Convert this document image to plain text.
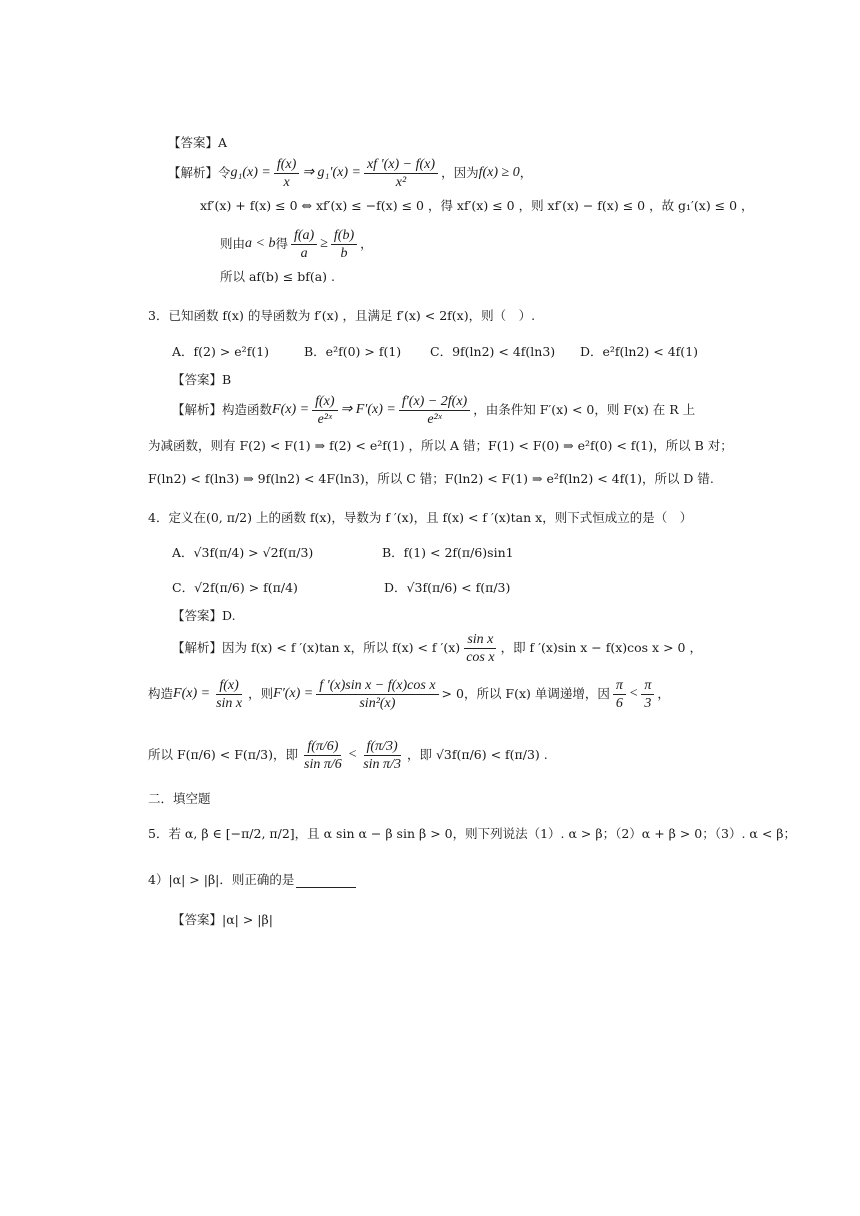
【答案】A
【解析】令 $g_1(x) = \frac{f(x)}{x}$ ⇒ $g_1'(x) = \frac{xf '(x) - f(x)}{\text{x²}}$ ，因为 f(x) ≥ 0 ，
xf′(x) + f(x) ≤ 0 ⇔ xf′(x) ≤ −f(x) ≤ 0 ，得 xf′(x) ≤ 0 ，则 xf′(x) − f(x) ≤ 0 ，故 g₁′(x) ≤ 0 ，
则由 a < b 得 $\frac{f(a)}{a} \ge \frac{f(b)}{b}$ ，
所以 af(b) ≤ bf(a) .
3．已知函数 f(x) 的导函数为 f′(x) ，且满足 f′(x) < 2f(x)，则（　）.
A．f(2) > e²f(1)	B．e²f(0) > f(1)	C．9f(ln2) < 4f(ln3)	D．e²f(ln2) < 4f(1)
【答案】B
【解析】构造函数 $F(x) = \frac{f(x)}{\text{e²ˣ}}$ ⇒ $F'(x) = \frac{f'(x) - 2f(x)}{\text{e²ˣ}}$ ，由条件知 F′(x) < 0，则 F(x) 在 R 上
为减函数，则有 F(2) < F(1) ⇒ f(2) < e²f(1) ，所以 A 错；F(1) < F(0) ⇒ e²f(0) < f(1)，所以 B 对；
F(ln2) < f(ln3) ⇒ 9f(ln2) < 4F(ln3)，所以 C 错；F(ln2) < F(1) ⇒ e²f(ln2) < 4f(1)，所以 D 错.
4．定义在(0, π/2) 上的函数 f(x)，导数为 f ′(x)，且 f(x) < f ′(x)tan x，则下式恒成立的是（　）
A．√3f(π/4) > √2f(π/3)	B．f(1) < 2f(π/6)sin1
C．√2f(π/6) > f(π/4)	D．√3f(π/6) < f(π/3)
【答案】D.
【解析】因为 f(x) < f ′(x)tan x，所以 f(x) < f $'(x) \frac{\text{sin x}}{\text{cos x}}$ ，即 f ′(x)sin x − f(x)cos x > 0 ，
构造 $F(x) = \frac{f(x)}{\text{sin x}}$ ，则 $F'(x) = \frac{\text{f ′(x)sin x − f(x)cos x}}{\text{sin²(x)}} > 0$，所以 F(x) 单调递增，因 $\frac{\pi}{6} < \frac{\pi}{3}$ ，
所以 F(π/6) < F(π/3)，即 $\frac{f(\pi/6)}{\text{sin π/6}} < \frac{f(\pi/3)}{\text{sin π/3}}$ ，即 √3f(π/6) < f(π/3) .
二．填空题
5．若 α, β ∈ [−π/2, π/2]，且 α sin α − β sin β > 0，则下列说法（1）. α > β；（2）α + β > 0；（3）. α < β；
4）|α| > |β|．则正确的是
【答案】|α| > |β|
